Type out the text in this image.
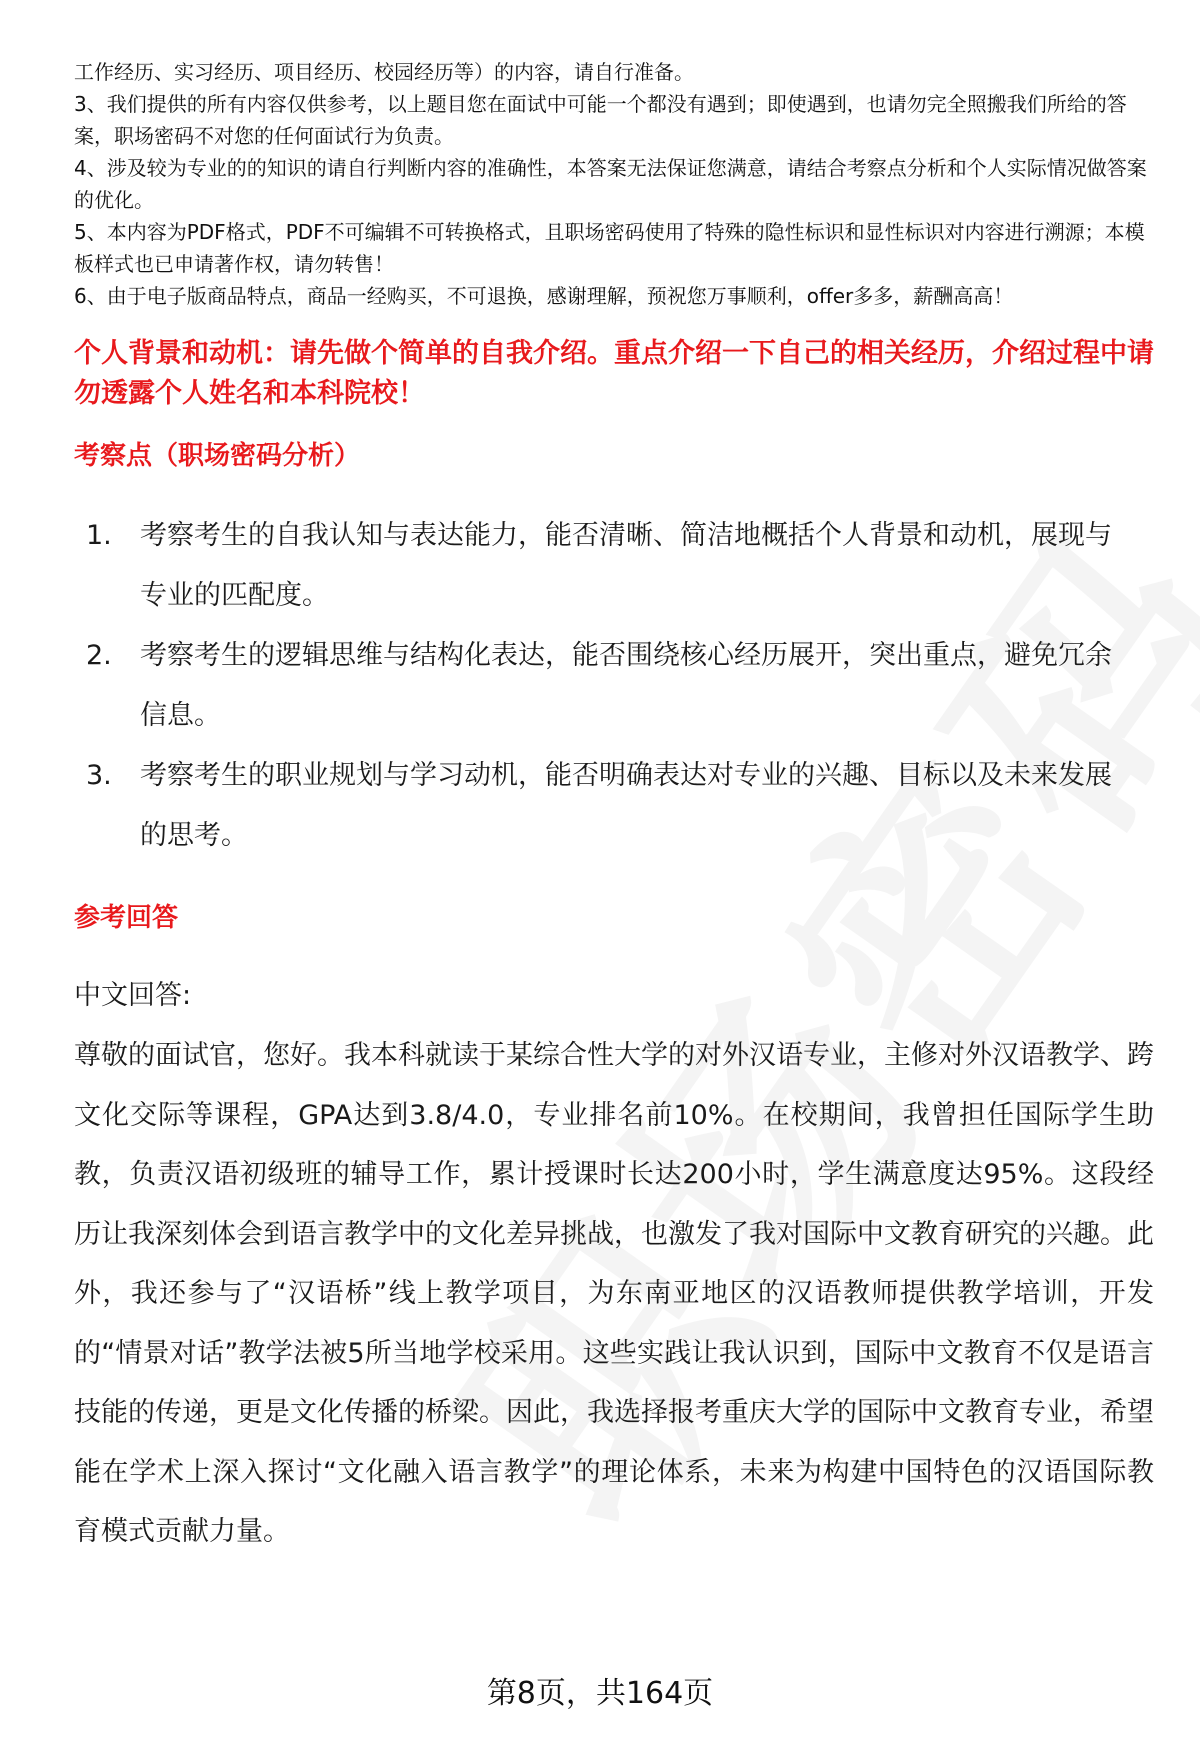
工作经历、实习经历、项目经历、校园经历等）的内容，请自行准备。

3、我们提供的所有内容仅供参考，以上题目您在面试中可能一个都没有遇到；即使遇到，也请勿完全照搬我们所给的答案，职场密码不对您的任何面试行为负责。

4、涉及较为专业的的知识的请自行判断内容的准确性，本答案无法保证您满意，请结合考察点分析和个人实际情况做答案的优化。

5、本内容为PDF格式，PDF不可编辑不可转换格式，且职场密码使用了特殊的隐性标识和显性标识对内容进行溯源；本模板样式也已申请著作权，请勿转售！

6、由于电子版商品特点，商品一经购买，不可退换，感谢理解，预祝您万事顺利，offer多多，薪酬高高！

个人背景和动机：请先做个简单的自我介绍。重点介绍一下自己的相关经历，介绍过程中请勿透露个人姓名和本科院校！
考察点（职场密码分析）
1.	考察考生的自我认知与表达能力，能否清晰、简洁地概括个人背景和动机，展现与专业的匹配度。
2.	考察考生的逻辑思维与结构化表达，能否围绕核心经历展开，突出重点，避免冗余信息。
3.	考察考生的职业规划与学习动机，能否明确表达对专业的兴趣、目标以及未来发展的思考。
参考回答
中文回答:

尊敬的面试官，您好。我本科就读于某综合性大学的对外汉语专业，主修对外汉语教学、跨文化交际等课程，GPA达到3.8/4.0，专业排名前10%。在校期间，我曾担任国际学生助教，负责汉语初级班的辅导工作，累计授课时长达200小时，学生满意度达95%。这段经历让我深刻体会到语言教学中的文化差异挑战，也激发了我对国际中文教育研究的兴趣。此外，我还参与了“汉语桥”线上教学项目，为东南亚地区的汉语教师提供教学培训，开发的“情景对话”教学法被5所当地学校采用。这些实践让我认识到，国际中文教育不仅是语言技能的传递，更是文化传播的桥梁。因此，我选择报考重庆大学的国际中文教育专业，希望能在学术上深入探讨“文化融入语言教学”的理论体系，未来为构建中国特色的汉语国际教育模式贡献力量。

第8页，共164页
